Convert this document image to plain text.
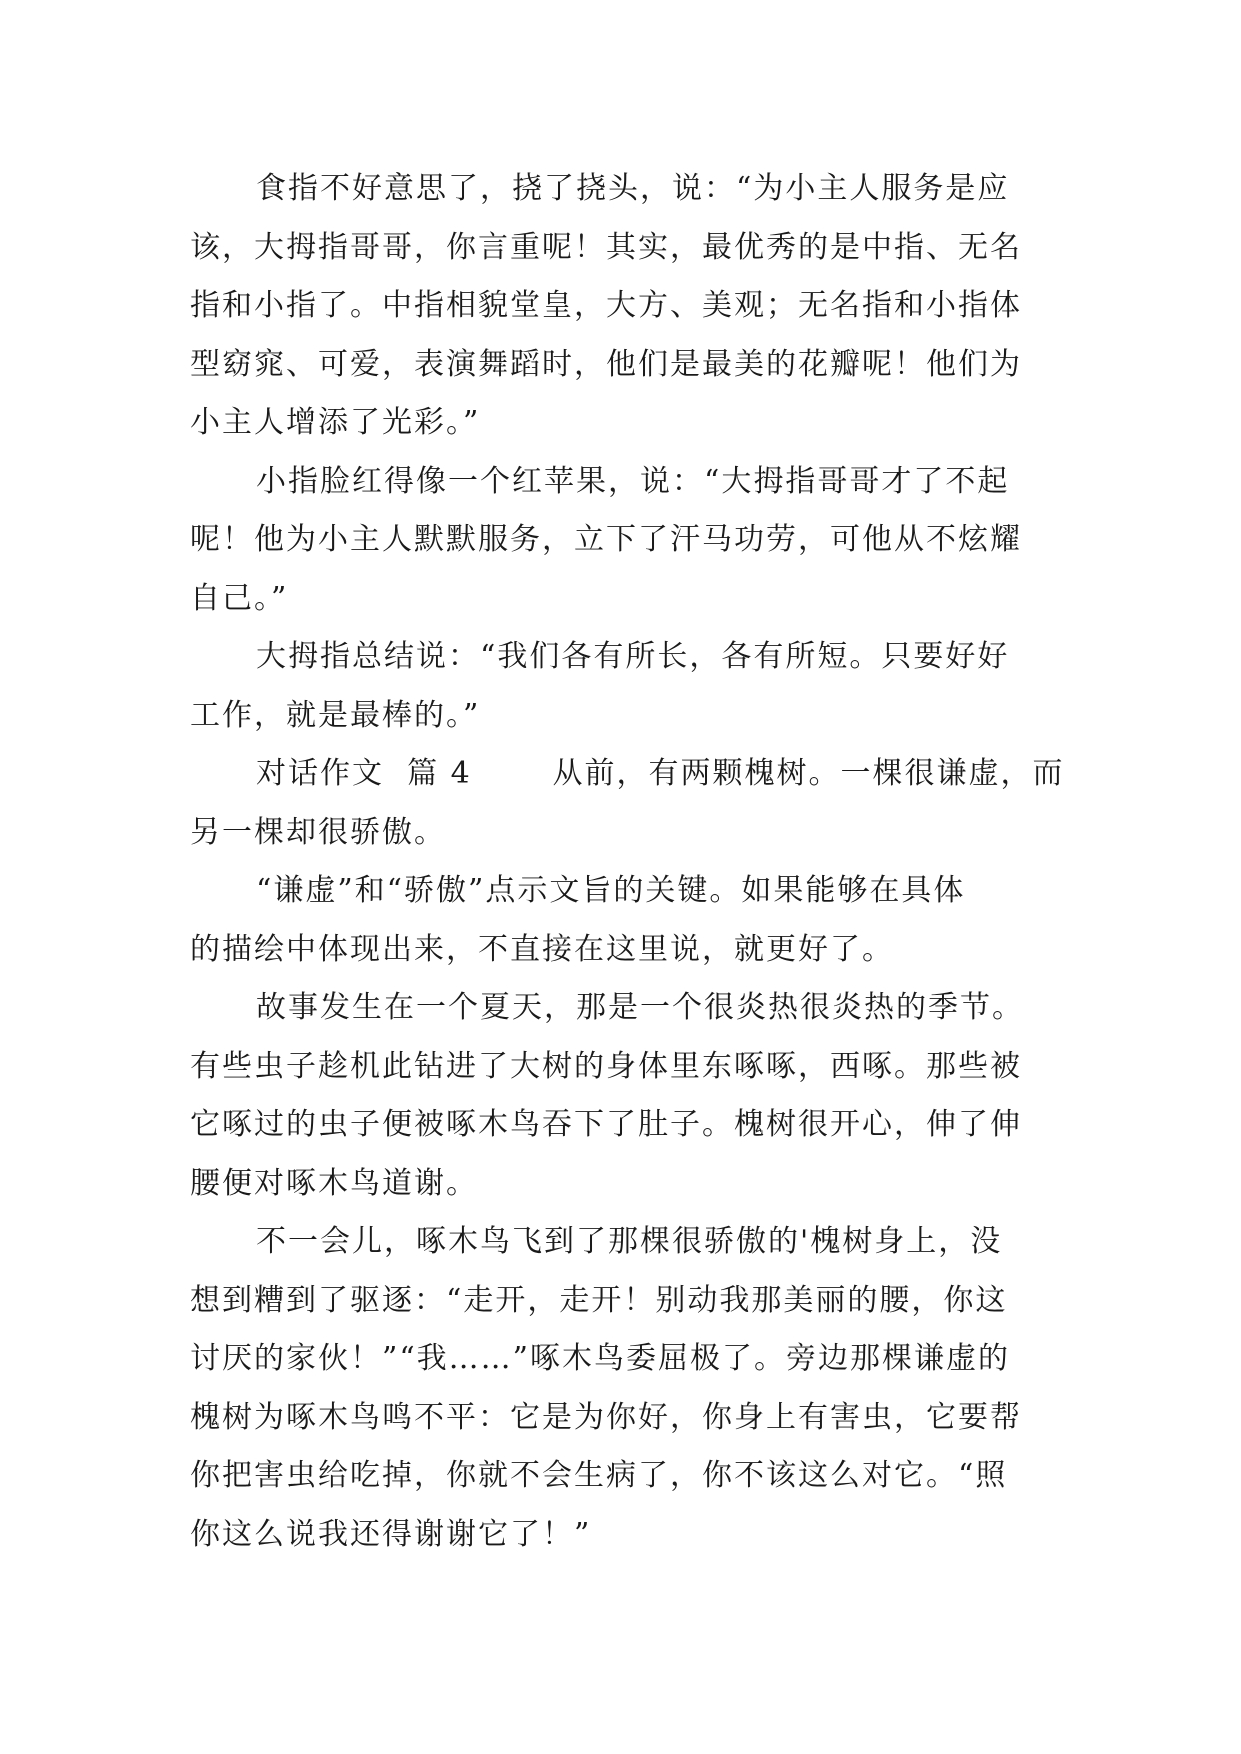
食指不好意思了，挠了挠头，说：“为小主人服务是应
该，大拇指哥哥，你言重呢！其实，最优秀的是中指、无名
指和小指了。中指相貌堂皇，大方、美观；无名指和小指体
型窈窕、可爱，表演舞蹈时，他们是最美的花瓣呢！他们为
小主人增添了光彩。”
小指脸红得像一个红苹果，说：“大拇指哥哥才了不起
呢！他为小主人默默服务，立下了汗马功劳，可他从不炫耀
自己。”
大拇指总结说：“我们各有所长，各有所短。只要好好
工作，就是最棒的。”
对话作文  篇 4       从前，有两颗槐树。一棵很谦虚，而
另一棵却很骄傲。
“谦虚”和“骄傲”点示文旨的关键。如果能够在具体
的描绘中体现出来，不直接在这里说，就更好了。
故事发生在一个夏天，那是一个很炎热很炎热的季节。
有些虫子趁机此钻进了大树的身体里东啄啄，西啄。那些被
它啄过的虫子便被啄木鸟吞下了肚子。槐树很开心，伸了伸
腰便对啄木鸟道谢。
不一会儿，啄木鸟飞到了那棵很骄傲的'槐树身上，没
想到糟到了驱逐：“走开，走开！别动我那美丽的腰，你这
讨厌的家伙！”“我……”啄木鸟委屈极了。旁边那棵谦虚的
槐树为啄木鸟鸣不平：它是为你好，你身上有害虫，它要帮
你把害虫给吃掉，你就不会生病了，你不该这么对它。“照
你这么说我还得谢谢它了！”
